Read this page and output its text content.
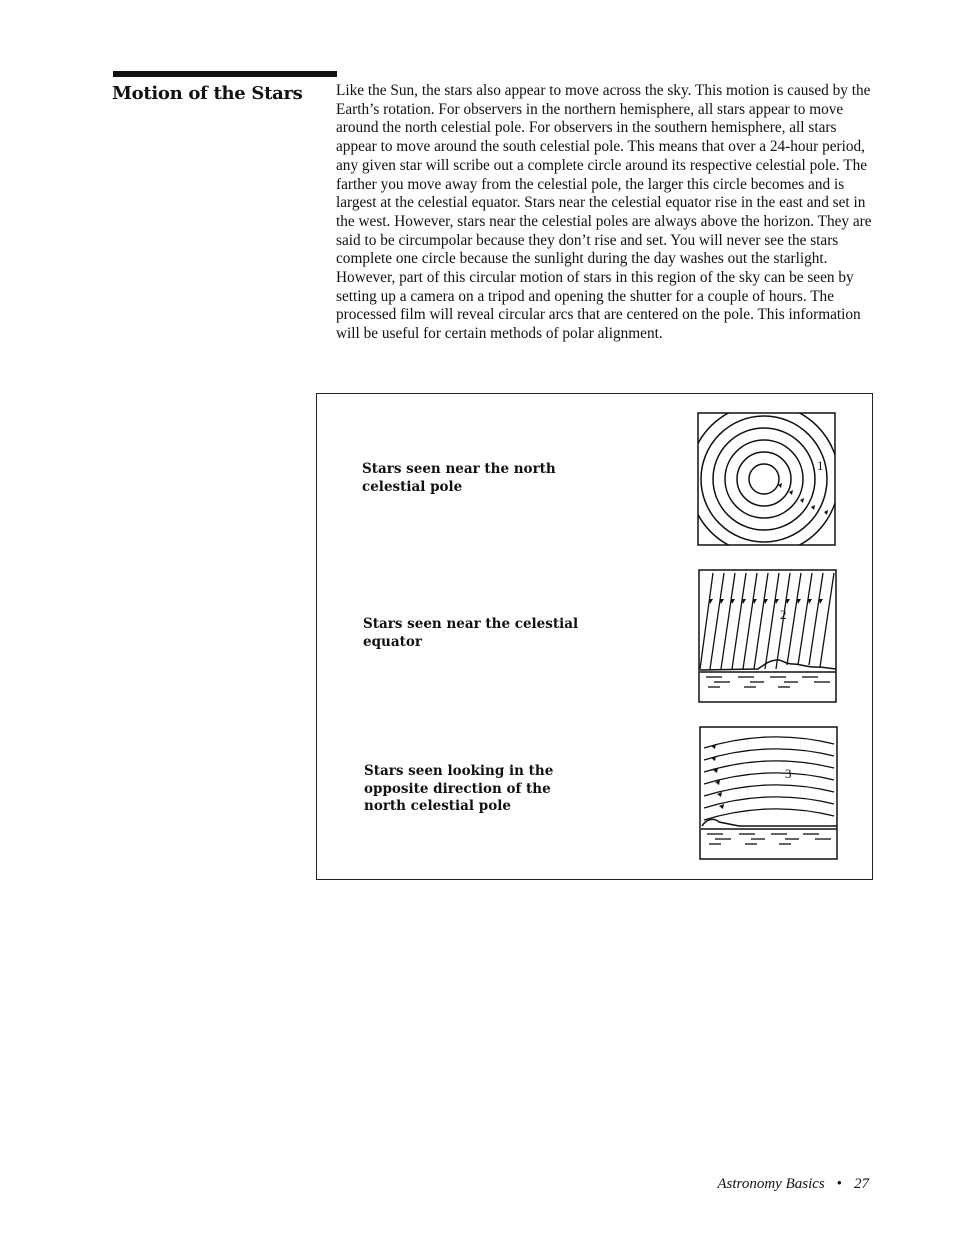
Motion of the Stars Like the Sun, the stars also appear to move across the sky. This motion is caused by the Earth’s rotation. For observers in the northern hemisphere, all stars appear to move around the north celestial pole. For observers in the southern hemisphere, all stars appear to move around the south celestial pole. This means that over a 24-hour period, any given star will scribe out a complete circle around its respective celestial pole. The farther you move away from the celestial pole, the larger this circle becomes and is largest at the celestial equator. Stars near the celestial equator rise in the east and set in the west. However, stars near the celestial poles are always above the horizon. They are said to be circumpolar because they don’t rise and set. You will never see the stars complete one circle because the sunlight during the day washes out the starlight. However, part of this circular motion of stars in this region of the sky can be seen by setting up a camera on a tripod and opening the shutter for a couple of hours. The processed film will reveal circular arcs that are centered on the pole. This information will be useful for certain methods of polar alignment.

Stars seen near the north celestial pole

Stars seen near the celestial equator

Stars seen looking in the opposite direction of the north celestial pole

1
2
3

Astronomy Basics • 27
